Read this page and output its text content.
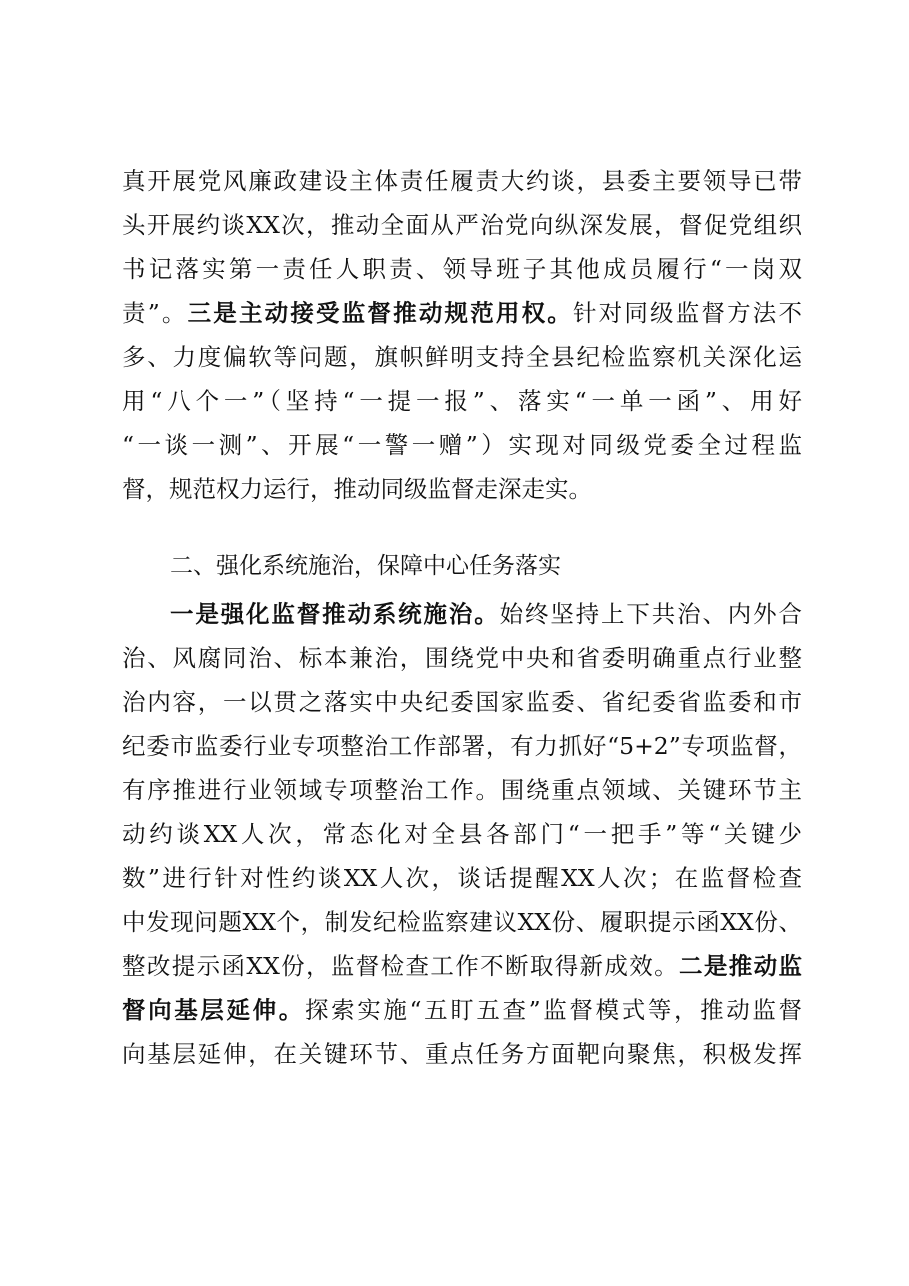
真开展党风廉政建设主体责任履责大约谈，县委主要领导已带
头开展约谈XX次，推动全面从严治党向纵深发展，督促党组织
书记落实第一责任人职责、领导班子其他成员履行“一岗双
责”。三是主动接受监督推动规范用权。针对同级监督方法不
多、力度偏软等问题，旗帜鲜明支持全县纪检监察机关深化运
用“八个一”（坚持“一提一报”、落实“一单一函”、用好
“一谈一测”、开展“一警一赠”）实现对同级党委全过程监
督，规范权力运行，推动同级监督走深走实。
二、强化系统施治，保障中心任务落实
一是强化监督推动系统施治。始终坚持上下共治、内外合
治、风腐同治、标本兼治，围绕党中央和省委明确重点行业整
治内容，一以贯之落实中央纪委国家监委、省纪委省监委和市
纪委市监委行业专项整治工作部署，有力抓好“5+2”专项监督，
有序推进行业领域专项整治工作。围绕重点领域、关键环节主
动约谈XX人次，常态化对全县各部门“一把手”等“关键少
数”进行针对性约谈XX人次，谈话提醒XX人次；在监督检查
中发现问题XX个，制发纪检监察建议XX份、履职提示函XX份、
整改提示函XX份，监督检查工作不断取得新成效。二是推动监
督向基层延伸。探索实施“五盯五查”监督模式等，推动监督
向基层延伸，在关键环节、重点任务方面靶向聚焦，积极发挥
